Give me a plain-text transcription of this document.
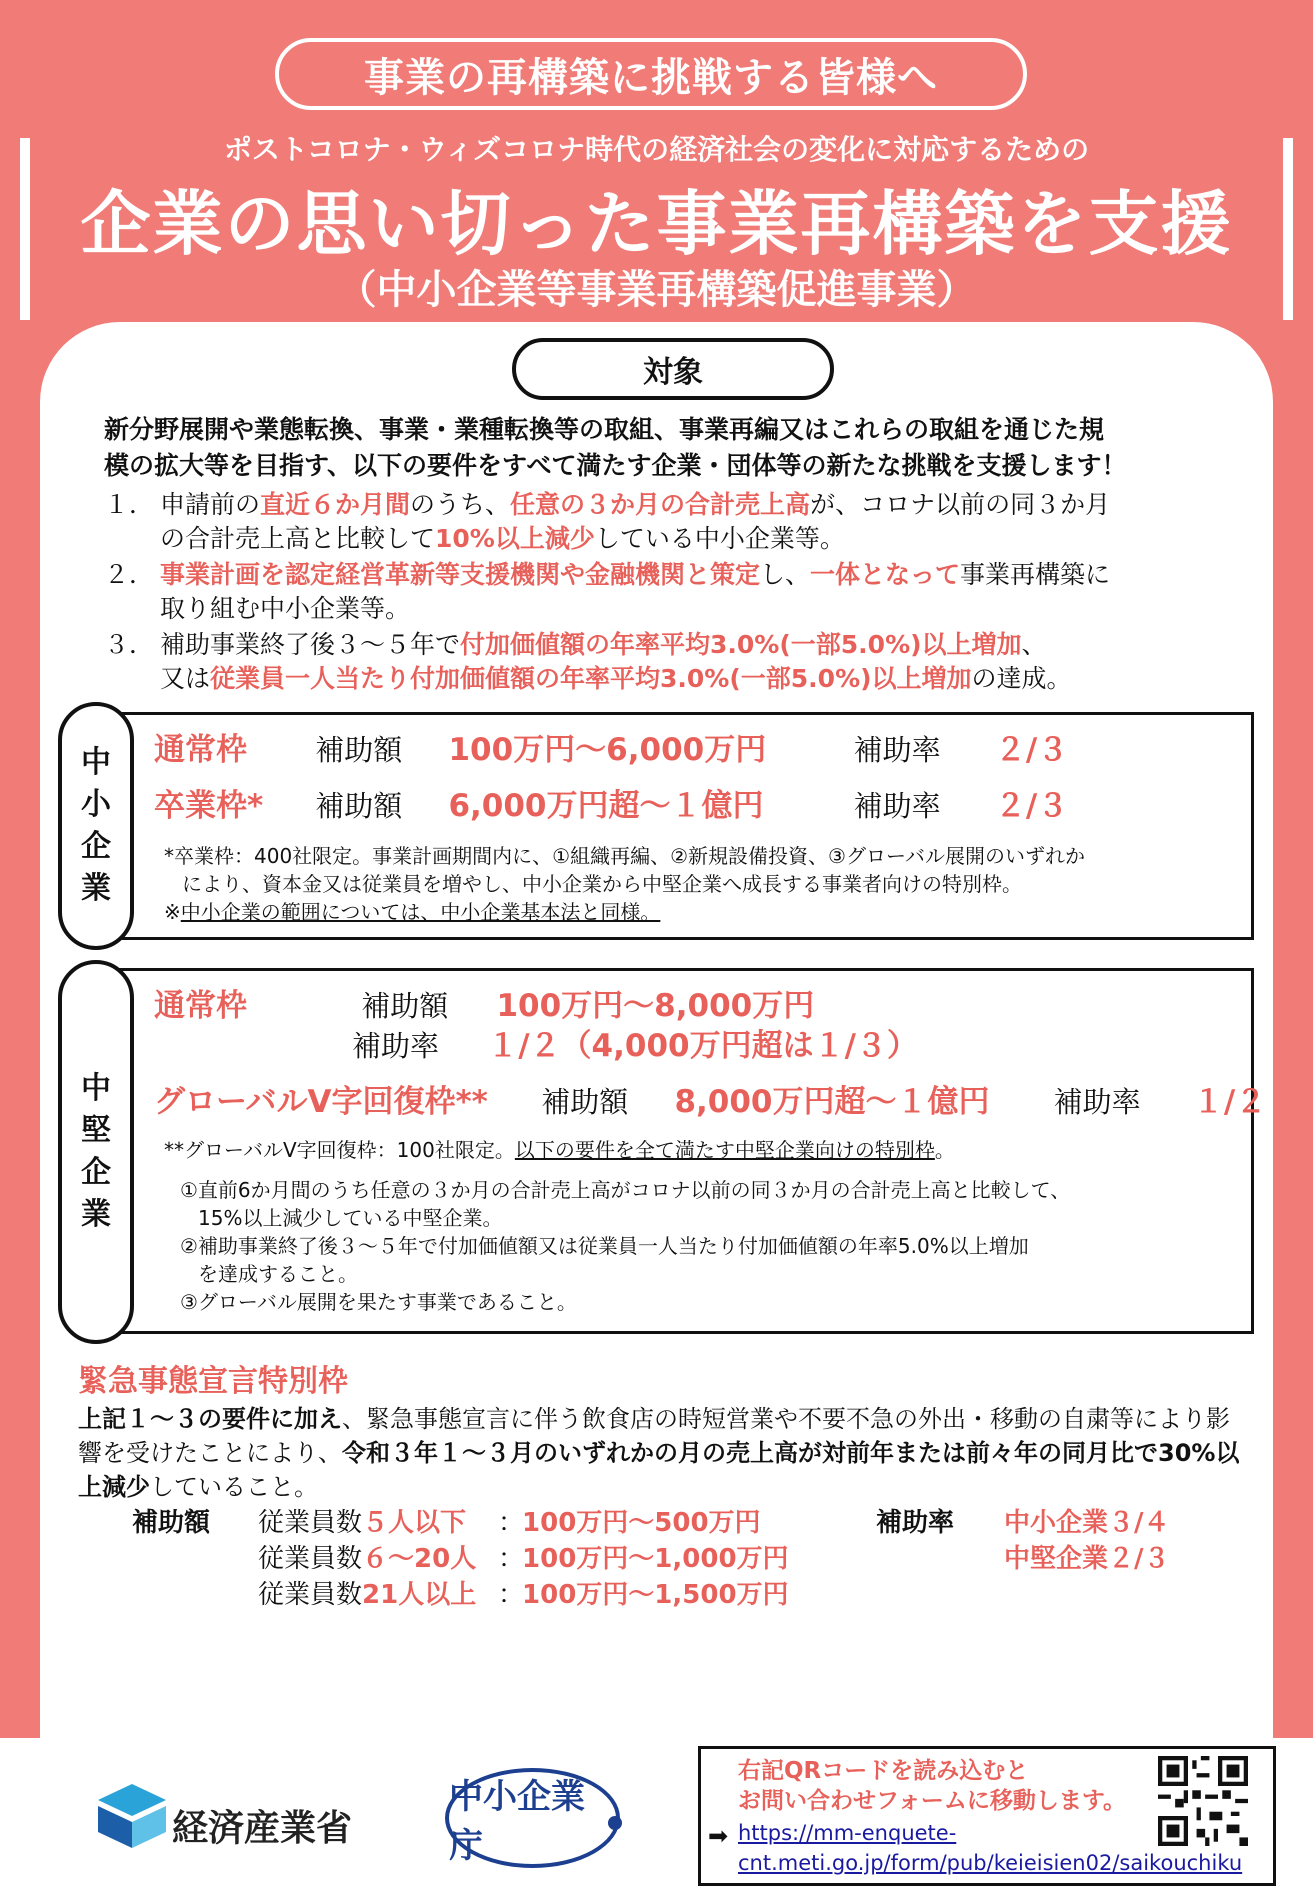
事業の再構築に挑戦する皆様へ
ポストコロナ・ウィズコロナ時代の経済社会の変化に対応するための
企業の思い切った事業再構築を支援
（中小企業等事業再構築促進事業）
対象
新分野展開や業態転換、事業・業種転換等の取組、事業再編又はこれらの取組を通じた規
模の拡大等を目指す、以下の要件をすべて満たす企業・団体等の新たな挑戦を支援します！
１． 申請前の直近６か月間のうち、任意の３か月の合計売上高が、コロナ以前の同３か月
の合計売上高と比較して10%以上減少している中小企業等。
２． 事業計画を認定経営革新等支援機関や金融機関と策定し、一体となって事業再構築に
取り組む中小企業等。
３． 補助事業終了後３～５年で付加価値額の年率平均3.0%(一部5.0%)以上増加、
又は従業員一人当たり付加価値額の年率平均3.0%(一部5.0%)以上増加の達成。
中
小
企
業
通常枠 補助額 100万円～6,000万円	補助率 ２/３
卒業枠* 補助額 6,000万円超～１億円	補助率 ２/３
*卒業枠：400社限定。事業計画期間内に、①組織再編、②新規設備投資、③グローバル展開のいずれか
により、資本金又は従業員を増やし、中小企業から中堅企業へ成長する事業者向けの特別枠。
※中小企業の範囲については、中小企業基本法と同様。
中
堅
企
業
通常枠	補助額 100万円～8,000万円
補助率 １/２（4,000万円超は１/３）
グローバルV字回復枠** 補助額 8,000万円超～１億円 補助率 １/２
**グローバルV字回復枠：100社限定。以下の要件を全て満たす中堅企業向けの特別枠。
①直前6か月間のうち任意の３か月の合計売上高がコロナ以前の同３か月の合計売上高と比較して、
15%以上減少している中堅企業。
②補助事業終了後３～５年で付加価値額又は従業員一人当たり付加価値額の年率5.0%以上増加
を達成すること。
③グローバル展開を果たす事業であること。
緊急事態宣言特別枠
上記１～３の要件に加え、緊急事態宣言に伴う飲食店の時短営業や不要不急の外出・移動の自粛等により影響を受けたことにより、令和３年１～３月のいずれかの月の売上高が対前年または前々年の同月比で30%以上減少していること。
補助額 従業員数５人以下 ：100万円～500万円
従業員数６～20人 ：100万円～1,000万円
従業員数21人以上 ：100万円～1,500万円
補助率 中小企業３/４
中堅企業２/３
令和２年度３次補正予算【３月に公募開始予定】
※今後、事業内容が変更される場合があります。３月に発表される予定の公募要領をご確認ください。
経済産業省
中小企業庁
右記QRコードを読み込むと
お問い合わせフォームに移動します。
➡ https://mm-enquete-
cnt.meti.go.jp/form/pub/keieisien02/saikouchiku
